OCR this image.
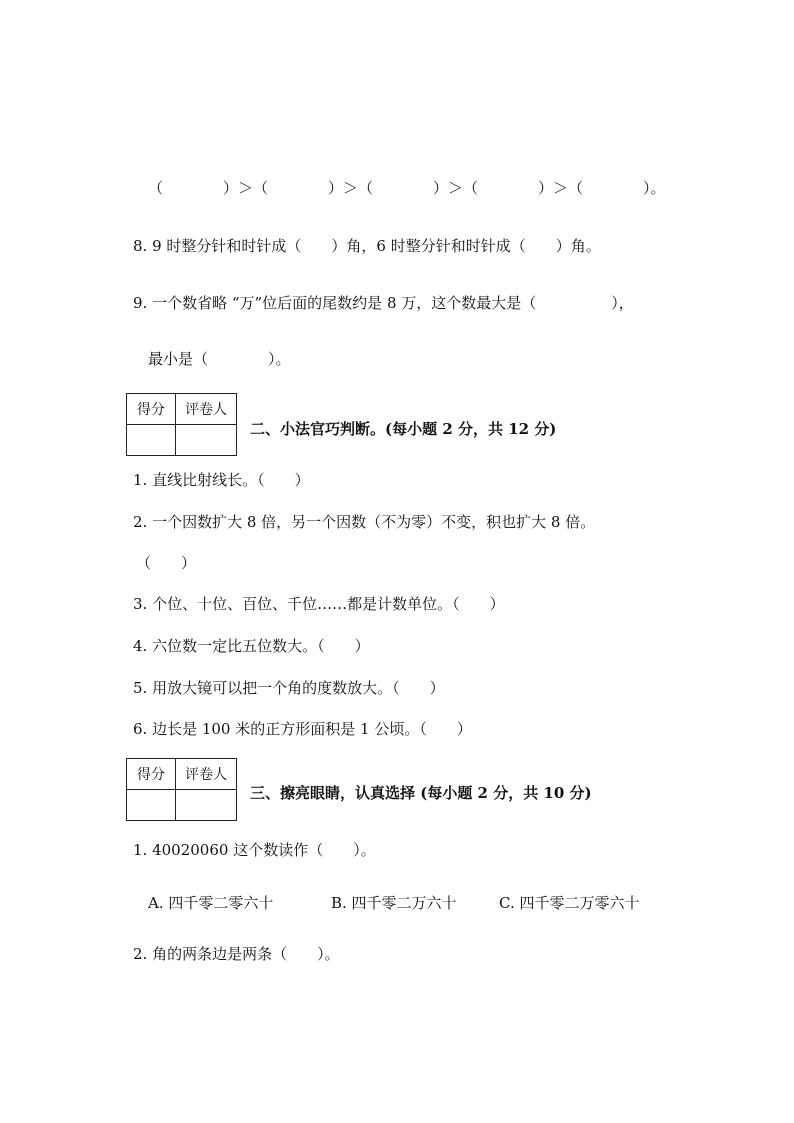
（　　　　）＞（　　　　）＞（　　　　）＞（　　　　）＞（　　　　）。
8. 9 时整分针和时针成（　　）角，6 时整分针和时针成（　　）角。
9. 一个数省略 “万”位后面的尾数约是 8 万，这个数最大是（　　　　　），
最小是（　　　　）。
得分	评卷人

二、小法官巧判断。(每小题 2 分，共 12 分)
1. 直线比射线长。（　　）
2. 一个因数扩大 8 倍，另一个因数（不为零）不变，积也扩大 8 倍。
（　　）
3. 个位、十位、百位、千位……都是计数单位。（　　）
4. 六位数一定比五位数大。（　　）
5. 用放大镜可以把一个角的度数放大。（　　）
6. 边长是 100 米的正方形面积是 1 公顷。（　　）
得分	评卷人

三、擦亮眼睛，认真选择 (每小题 2 分，共 10 分)
1. 40020060 这个数读作（　　）。
A. 四千零二零六十	B. 四千零二万六十	C. 四千零二万零六十
2. 角的两条边是两条（　　）。
